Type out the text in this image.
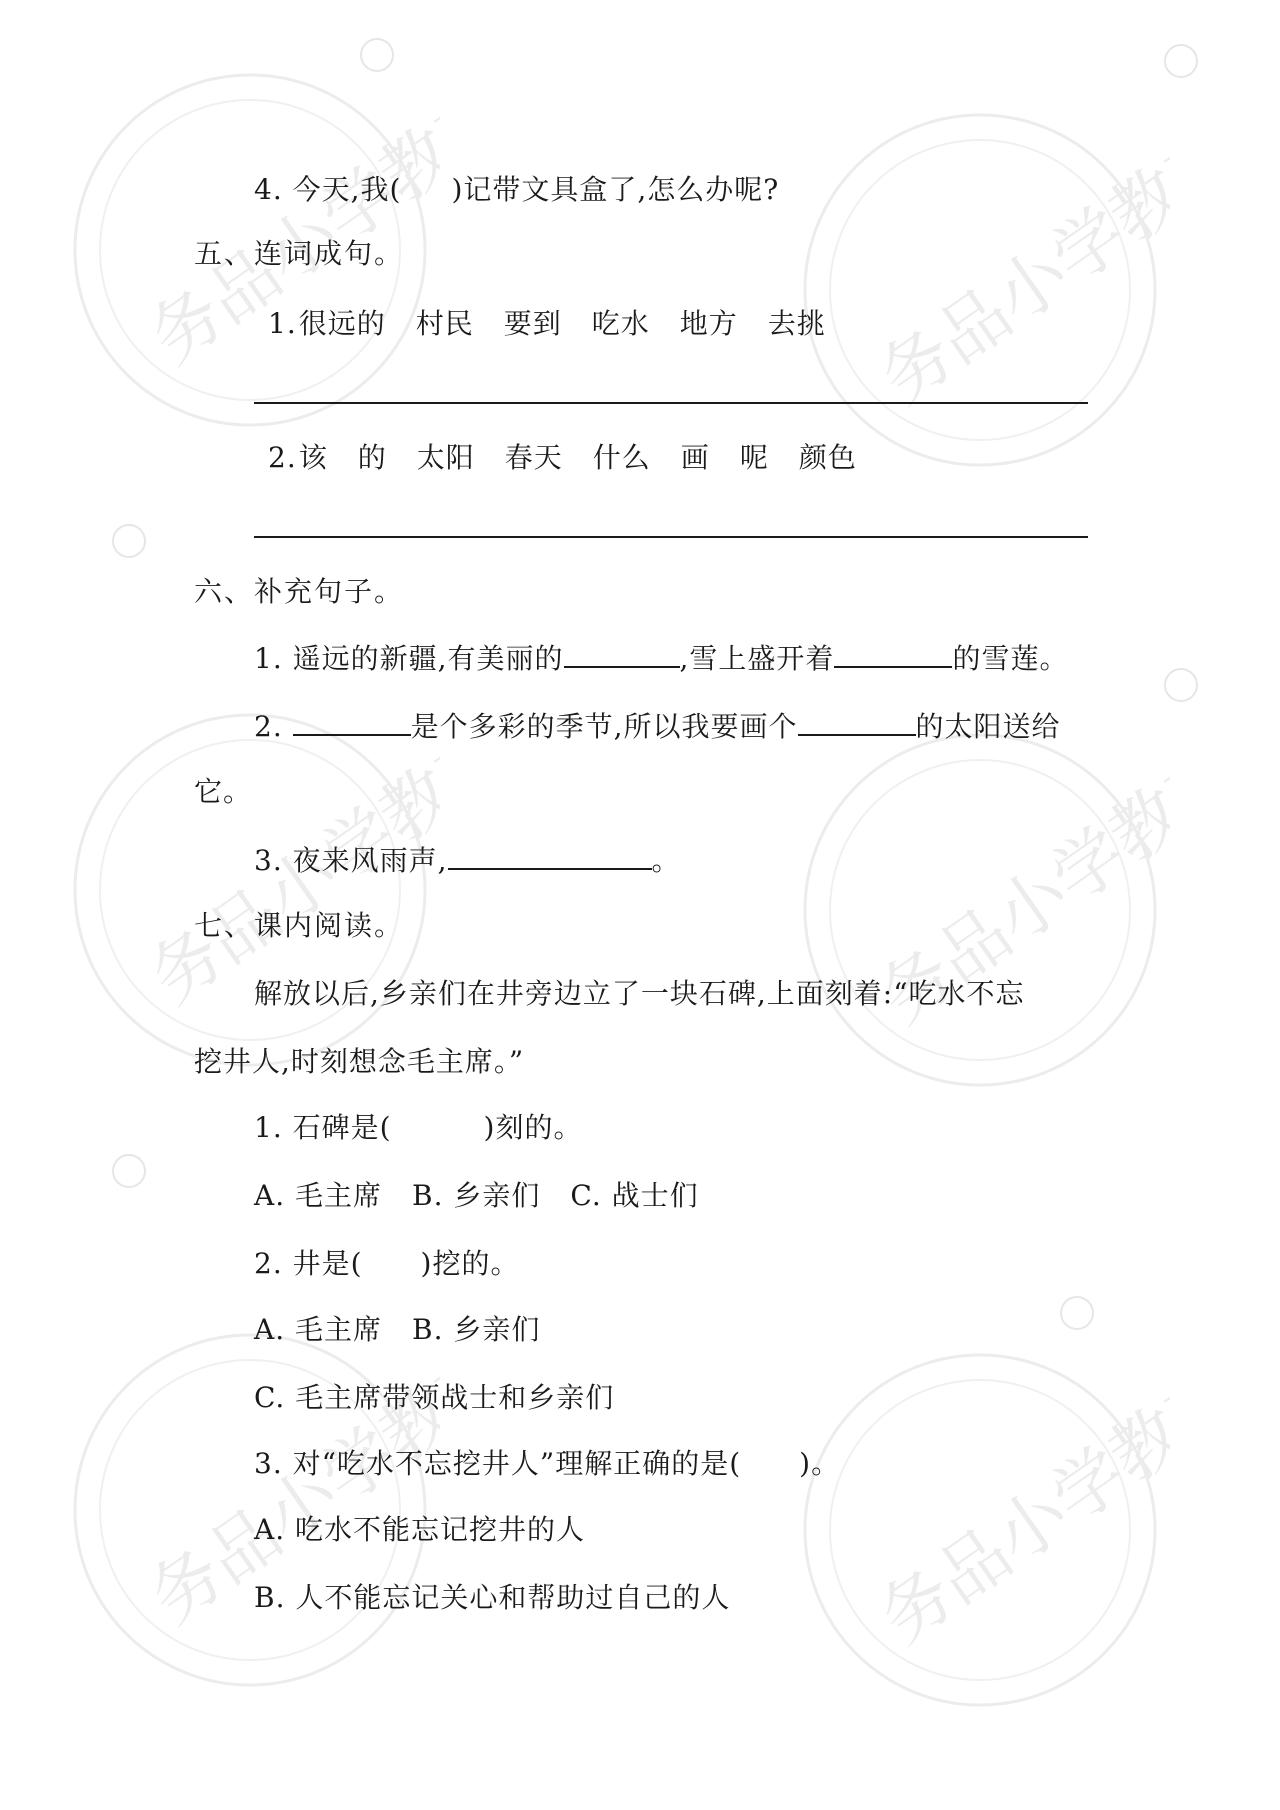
务品小学教育	务品小学教育
务品小学教育	务品小学教育
务品小学教育	务品小学教育
4. 今天,我( )记带文具盒了,怎么办呢?
五、连词成句。
1.很远的 村民 要到 吃水 地方 去挑
2.该 的 太阳 春天 什么 画 呢 颜色
六、补充句子。
1. 遥远的新疆,有美丽的	,雪上盛开着	的雪莲。
2.	是个多彩的季节,所以我要画个	的太阳送给
它。
3. 夜来风雨声,	。
七、课内阅读。
解放以后,乡亲们在井旁边立了一块石碑,上面刻着:“吃水不忘
挖井人,时刻想念毛主席。”
1. 石碑是(	)刻的。
A. 毛主席 B. 乡亲们 C. 战士们
2. 井是( )挖的。
A. 毛主席 B. 乡亲们
C. 毛主席带领战士和乡亲们
3. 对“吃水不忘挖井人”理解正确的是( )。
A. 吃水不能忘记挖井的人
B. 人不能忘记关心和帮助过自己的人
